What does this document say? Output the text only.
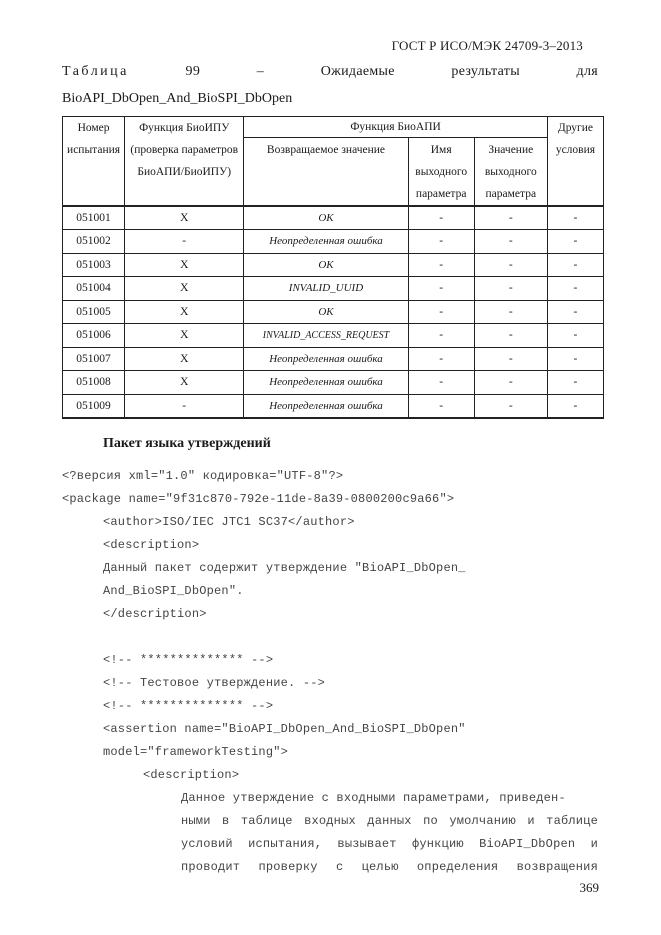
ГОСТ Р ИСО/МЭК 24709-3–2013
Таблица	99	–	Ожидаемые	результаты	для
BioAPI_DbOpen_And_BioSPI_DbOpen
Номер испытания	Функция БиоИПУ (проверка параметров БиоАПИ/БиоИПУ)	Функция БиоАПИ			Другие условия
		Возвращаемое значение	Имя выходного параметра	Значение выходного параметра	
051001	X	OK	-	-	-
051002	-	Неопределенная ошибка	-	-	-
051003	X	OK	-	-	-
051004	X	INVALID_UUID	-	-	-
051005	X	OK	-	-	-
051006	X	INVALID_ACCESS_REQUEST	-	-	-
051007	X	Неопределенная ошибка	-	-	-
051008	X	Неопределенная ошибка	-	-	-
051009	-	Неопределенная ошибка	-	-	-
Пакет языка утверждений
<?версия xml="1.0" кодировка="UTF-8"?>
<package name="9f31c870-792e-11de-8a39-0800200c9a66">
<author>ISO/IEC JTC1 SC37</author>
<description>
Данный пакет содержит утверждение "BioAPI_DbOpen_
And_BioSPI_DbOpen".
</description>
<!-- ************** -->
<!-- Тестовое утверждение. -->
<!-- ************** -->
<assertion name="BioAPI_DbOpen_And_BioSPI_DbOpen"
model="frameworkTesting">
<description>
Данное утверждение с входными параметрами, приведен-
ными в таблице входных данных по умолчанию и таблице
условий испытания, вызывает функцию BioAPI_DbOpen и
проводит проверку с целью определения возвращения
369
